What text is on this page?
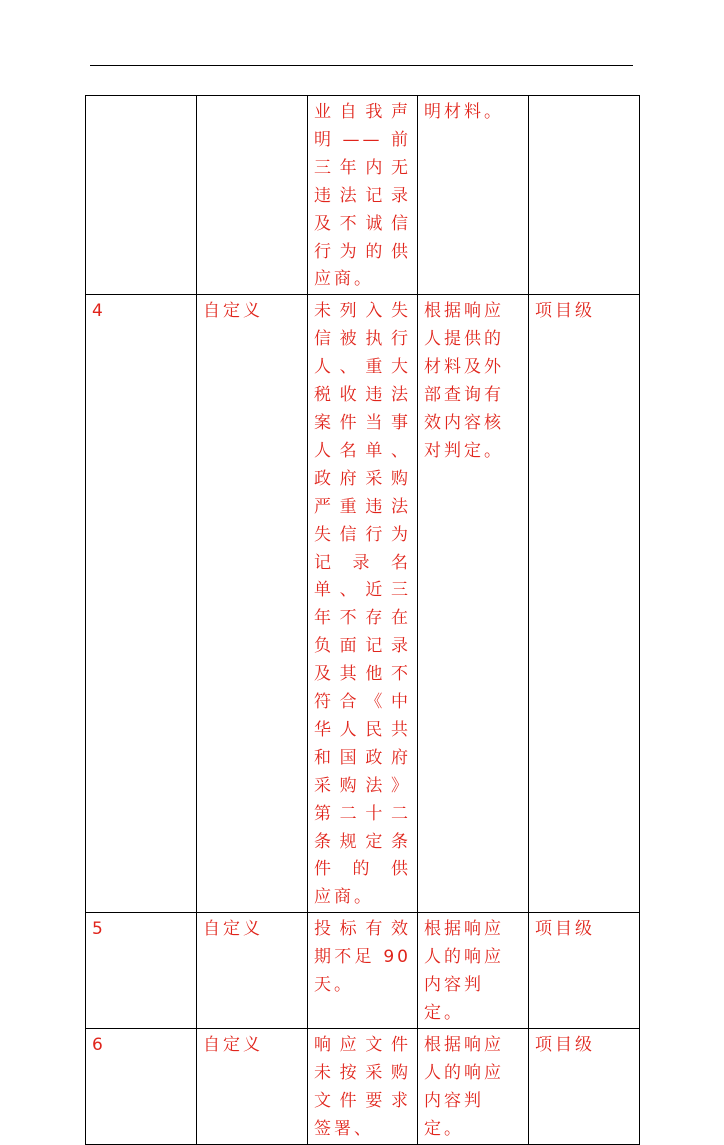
		业自我声明——前三年内无违法记录及不诚信行为的供应商。	明材料。	
4	自定义	未列入失信被执行人、重大税收违法案件当事人名单、政府采购严重违法失信行为 记 录 名单、近三年不存在负面记录及其他不符合《中华人民共和国政府采购法》第二十二条规定条件 的 供 应商。	根据响应人提供的材料及外部查询有效内容核对判定。	项目级
5	自定义	投标有效期不足 90 天。	根据响应人的响应内容判定。	项目级
6	自定义	响应文件未按采购文件要求签署、	根据响应人的响应内容判定。	项目级
